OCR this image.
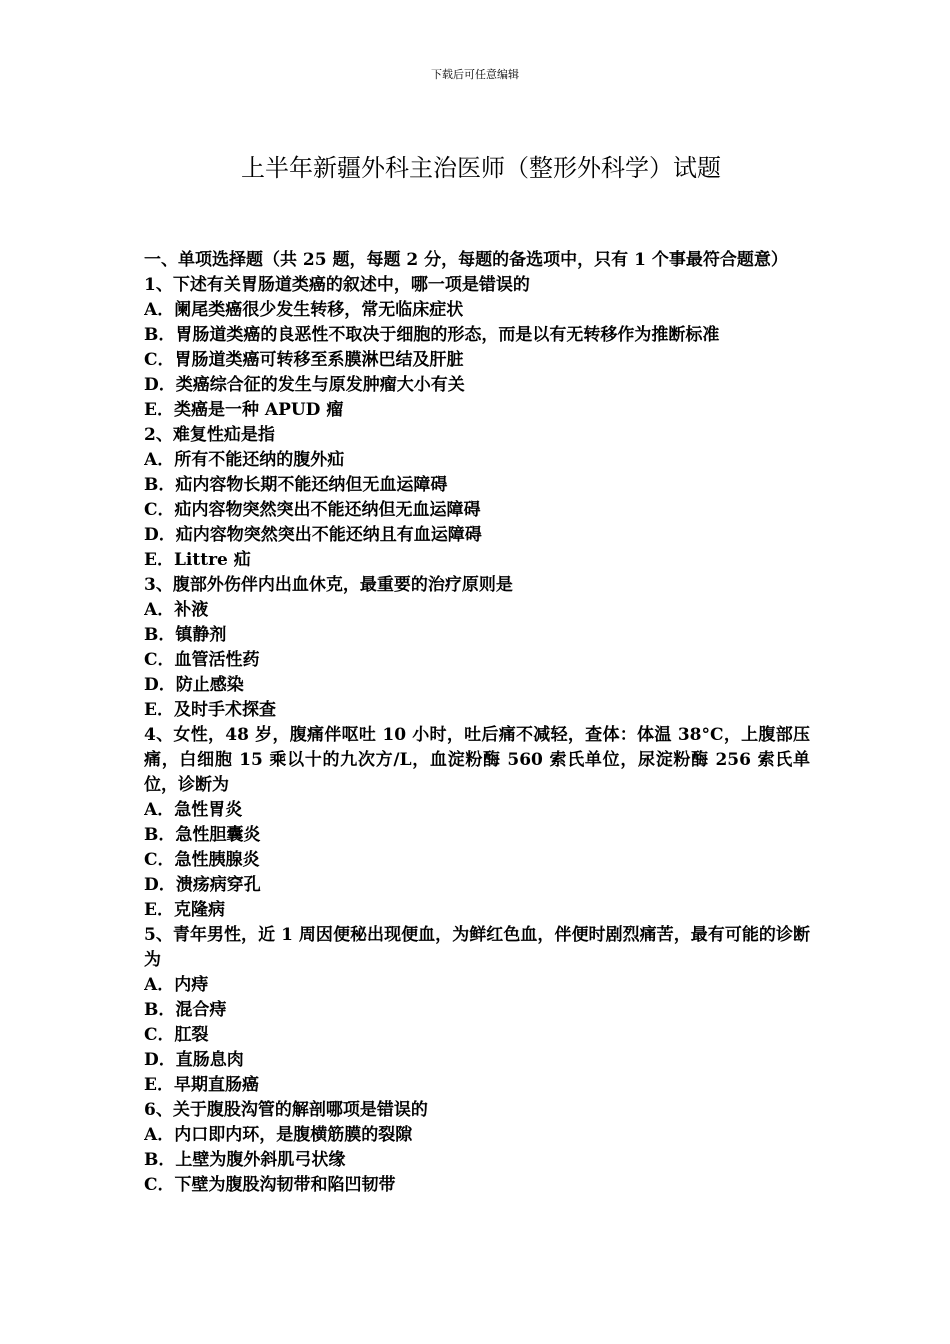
下载后可任意编辑
上半年新疆外科主治医师（整形外科学）试题
一、单项选择题（共 25 题，每题 2 分，每题的备选项中，只有 1 个事最符合题意）
1、下述有关胃肠道类癌的叙述中，哪一项是错误的
A．阑尾类癌很少发生转移，常无临床症状
B．胃肠道类癌的良恶性不取决于细胞的形态，而是以有无转移作为推断标准
C．胃肠道类癌可转移至系膜淋巴结及肝脏
D．类癌综合征的发生与原发肿瘤大小有关
E．类癌是一种 APUD 瘤
2、难复性疝是指
A．所有不能还纳的腹外疝
B．疝内容物长期不能还纳但无血运障碍
C．疝内容物突然突出不能还纳但无血运障碍
D．疝内容物突然突出不能还纳且有血运障碍
E．Littre 疝
3、腹部外伤伴内出血休克，最重要的治疗原则是
A．补液
B．镇静剂
C．血管活性药
D．防止感染
E．及时手术探查
4、女性，48 岁，腹痛伴呕吐 10 小时，吐后痛不减轻，查体：体温 38°C，上腹部压痛，白细胞 15 乘以十的九次方/L，血淀粉酶 560 索氏单位，尿淀粉酶 256 索氏单位，诊断为
A．急性胃炎
B．急性胆囊炎
C．急性胰腺炎
D．溃疡病穿孔
E．克隆病
5、青年男性，近 1 周因便秘出现便血，为鲜红色血，伴便时剧烈痛苦，最有可能的诊断为
A．内痔
B．混合痔
C．肛裂
D．直肠息肉
E．早期直肠癌
6、关于腹股沟管的解剖哪项是错误的
A．内口即内环，是腹横筋膜的裂隙
B．上壁为腹外斜肌弓状缘
C．下壁为腹股沟韧带和陷凹韧带
